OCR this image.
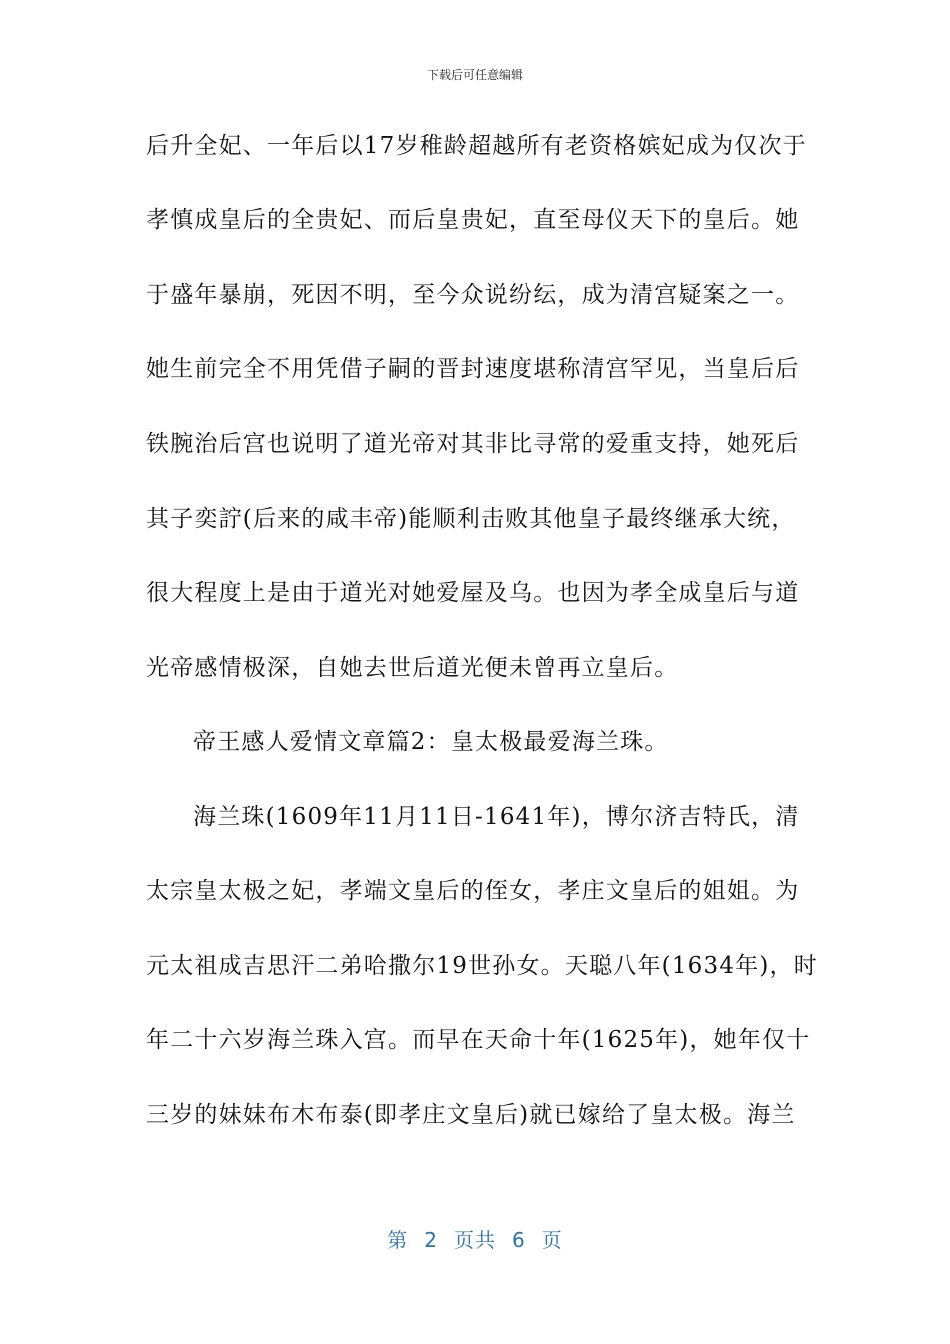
下载后可任意编辑
后升全妃、一年后以17岁稚龄超越所有老资格嫔妃成为仅次于
孝慎成皇后的全贵妃、而后皇贵妃，直至母仪天下的皇后。她
于盛年暴崩，死因不明，至今众说纷纭，成为清宫疑案之一。
她生前完全不用凭借子嗣的晋封速度堪称清宫罕见，当皇后后
铁腕治后宫也说明了道光帝对其非比寻常的爱重支持，她死后
其子奕詝(后来的咸丰帝)能顺利击败其他皇子最终继承大统，
很大程度上是由于道光对她爱屋及乌。也因为孝全成皇后与道
光帝感情极深，自她去世后道光便未曾再立皇后。
帝王感人爱情文章篇2：皇太极最爱海兰珠。
海兰珠(1609年11月11日-1641年)，博尔济吉特氏，清
太宗皇太极之妃，孝端文皇后的侄女，孝庄文皇后的姐姐。为
元太祖成吉思汗二弟哈撒尔19世孙女。天聪八年(1634年)，时
年二十六岁海兰珠入宫。而早在天命十年(1625年)，她年仅十
三岁的妹妹布木布泰(即孝庄文皇后)就已嫁给了皇太极。海兰
第 2 页共 6 页
